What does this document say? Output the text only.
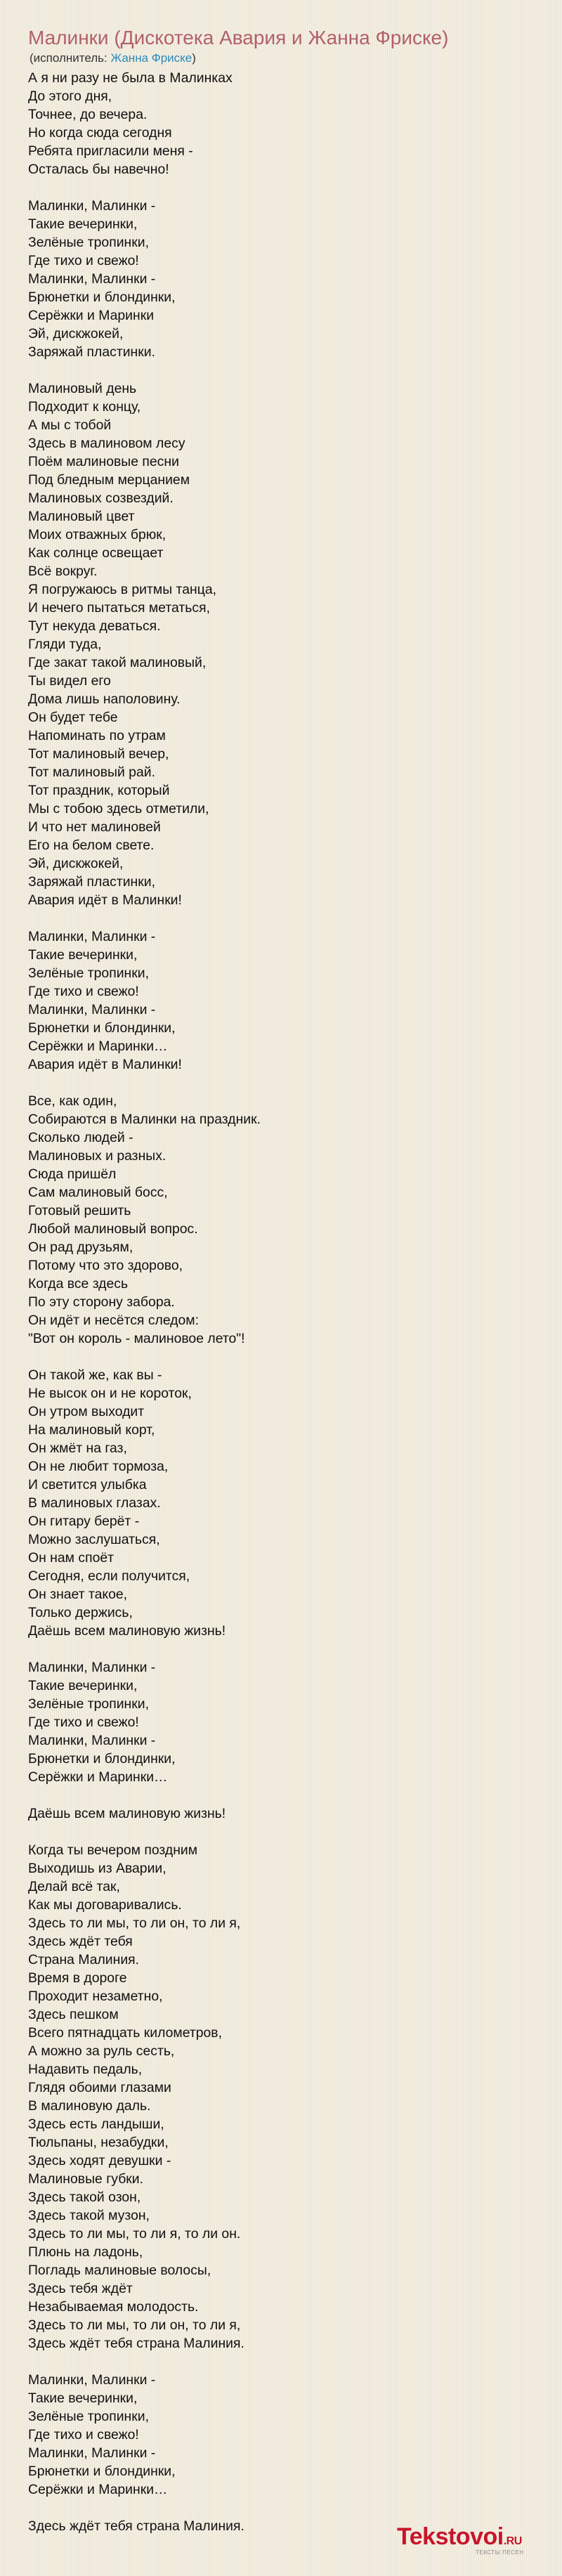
Малинки (Дискотека Авария и Жанна Фриске)
(исполнитель: Жанна Фриске)
А я ни разу не была в Малинках
До этого дня,
Точнее, до вечера.
Но когда сюда сегодня
Ребята пригласили меня -
Осталась бы навечно!
Малинки, Малинки -
Такие вечеринки,
Зелёные тропинки,
Где тихо и свежо!
Малинки, Малинки -
Брюнетки и блондинки,
Серёжки и Маринки
Эй, дискжокей,
Заряжай пластинки.
Малиновый день
Подходит к концу,
А мы с тобой
Здесь в малиновом лесу
Поём малиновые песни
Под бледным мерцанием
Малиновых созвездий.
Малиновый цвет
Моих отважных брюк,
Как солнце освещает
Всё вокруг.
Я погружаюсь в ритмы танца,
И нечего пытаться метаться,
Тут некуда деваться.
Гляди туда,
Где закат такой малиновый,
Ты видел его
Дома лишь наполовину.
Он будет тебе
Напоминать по утрам
Тот малиновый вечер,
Тот малиновый рай.
Тот праздник, который
Мы с тобою здесь отметили,
И что нет малиновей
Его на белом свете.
Эй, дискжокей,
Заряжай пластинки,
Авария идёт в Малинки!
Малинки, Малинки -
Такие вечеринки,
Зелёные тропинки,
Где тихо и свежо!
Малинки, Малинки -
Брюнетки и блондинки,
Серёжки и Маринки…
Авария идёт в Малинки!
Все, как один,
Собираются в Малинки на праздник.
Сколько людей -
Малиновых и разных.
Сюда пришёл
Сам малиновый босс,
Готовый решить
Любой малиновый вопрос.
Он рад друзьям,
Потому что это здорово,
Когда все здесь
По эту сторону забора.
Он идёт и несётся следом:
"Вот он король - малиновое лето"!
Он такой же, как вы -
Не высок он и не короток,
Он утром выходит
На малиновый корт,
Он жмёт на газ,
Он не любит тормоза,
И светится улыбка
В малиновых глазах.
Он гитару берёт -
Можно заслушаться,
Он нам споёт
Сегодня, если получится,
Он знает такое,
Только держись,
Даёшь всем малиновую жизнь!
Малинки, Малинки -
Такие вечеринки,
Зелёные тропинки,
Где тихо и свежо!
Малинки, Малинки -
Брюнетки и блондинки,
Серёжки и Маринки…
Даёшь всем малиновую жизнь!
Когда ты вечером поздним
Выходишь из Аварии,
Делай всё так,
Как мы договаривались.
Здесь то ли мы, то ли он, то ли я,
Здесь ждёт тебя
Страна Малиния.
Время в дороге
Проходит незаметно,
Здесь пешком
Всего пятнадцать километров,
А можно за руль сесть,
Надавить педаль,
Глядя обоими глазами
В малиновую даль.
Здесь есть ландыши,
Тюльпаны, незабудки,
Здесь ходят девушки -
Малиновые губки.
Здесь такой озон,
Здесь такой музон,
Здесь то ли мы, то ли я, то ли он.
Плюнь на ладонь,
Погладь малиновые волосы,
Здесь тебя ждёт
Незабываемая молодость.
Здесь то ли мы, то ли он, то ли я,
Здесь ждёт тебя страна Малиния.
Малинки, Малинки -
Такие вечеринки,
Зелёные тропинки,
Где тихо и свежо!
Малинки, Малинки -
Брюнетки и блондинки,
Серёжки и Маринки…
Здесь ждёт тебя страна Малиния.	Tekstovoi.RU
ТЕКСТЫ ПЕСЕН
